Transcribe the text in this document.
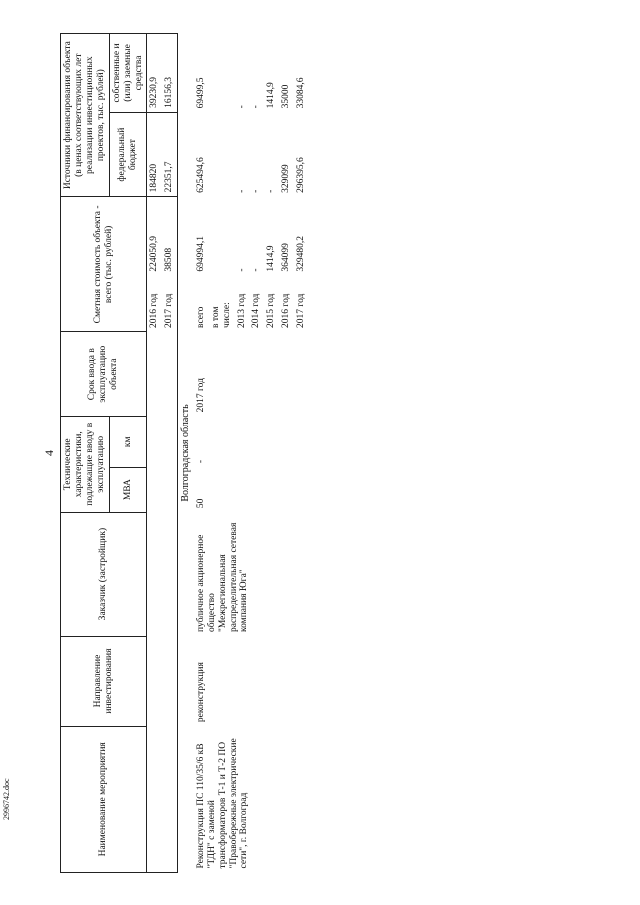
4
Наименование мероприятия	Направление инвестирования	Заказчик (застройщик)	Технические характеристики, подлежащие вводу в эксплуатацию		Срок ввода в эксплуатацию объекта	Сметная стоимость объекта - всего (тыс. рублей)		Источники финансирования объекта (в ценах соответствующих лет реализации инвестиционных проектов, тыс. рублей)	
			МВА	км				федеральный бюджет	собственные и (или) заемные средства
						2016 год	224050,9	184820	39230,9
						2017 год	38508	22351,7	16156,3
Волгоградская область									
Реконструкция ПС 110/35/6 кВ "ТДН" с заменой трансформаторов Т-1 и Т-2 ПО "Правобережные электрические сети", г. Волгоград	реконструкция	публичное акционерное общество "Межрегиональная распределительная сетевая компания Юга"	50	-	2017 год	всего	694994,1	625494,6	69499,5
						в том числе:			
						2013 год	-	-	-
						2014 год	-	-	-
						2015 год	1414,9	-	1414,9
						2016 год	364099	329099	35000
						2017 год	329480,2	296395,6	33084,6
2996742.doc
